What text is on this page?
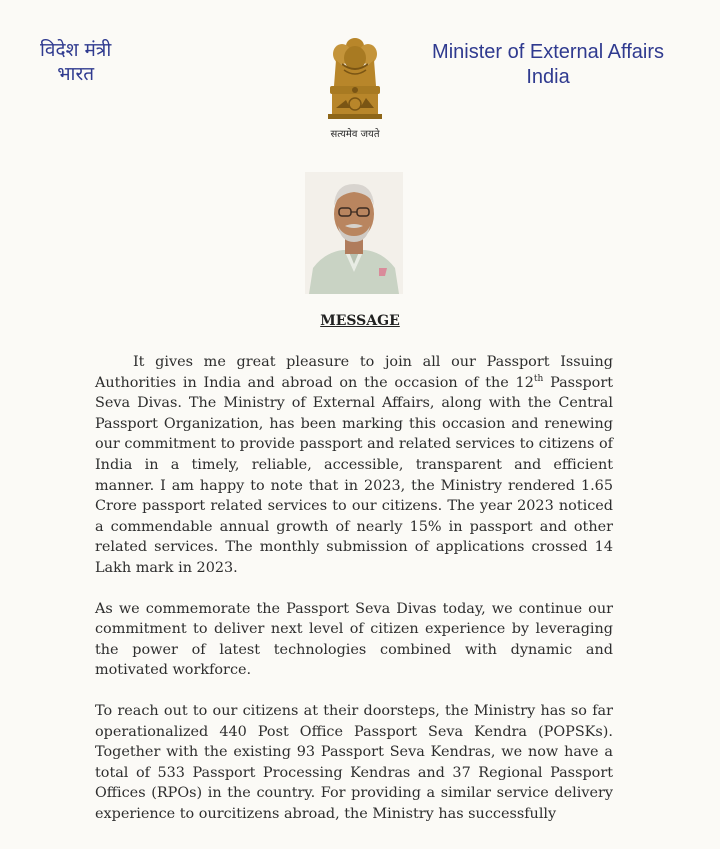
विदेश मंत्री
भारत
सत्यमेव जयते
Minister of External Affairs
India
MESSAGE

It gives me great pleasure to join all our Passport Issuing Authorities in India and abroad on the occasion of the 12th Passport Seva Divas. The Ministry of External Affairs, along with the Central Passport Organization, has been marking this occasion and renewing our commitment to provide passport and related services to citizens of India in a timely, reliable, accessible, transparent and efficient manner. I am happy to note that in 2023, the Ministry rendered 1.65 Crore passport related services to our citizens. The year 2023 noticed a commendable annual growth of nearly 15% in passport and other related services. The monthly submission of applications crossed 14 Lakh mark in 2023.

As we commemorate the Passport Seva Divas today, we continue our commitment to deliver next level of citizen experience by leveraging the power of latest technologies combined with dynamic and motivated workforce.

To reach out to our citizens at their doorsteps, the Ministry has so far operationalized 440 Post Office Passport Seva Kendra (POPSKs). Together with the existing 93 Passport Seva Kendras, we now have a total of 533 Passport Processing Kendras and 37 Regional Passport Offices (RPOs) in the country. For providing a similar service delivery experience to ourcitizens abroad, the Ministry has successfully
